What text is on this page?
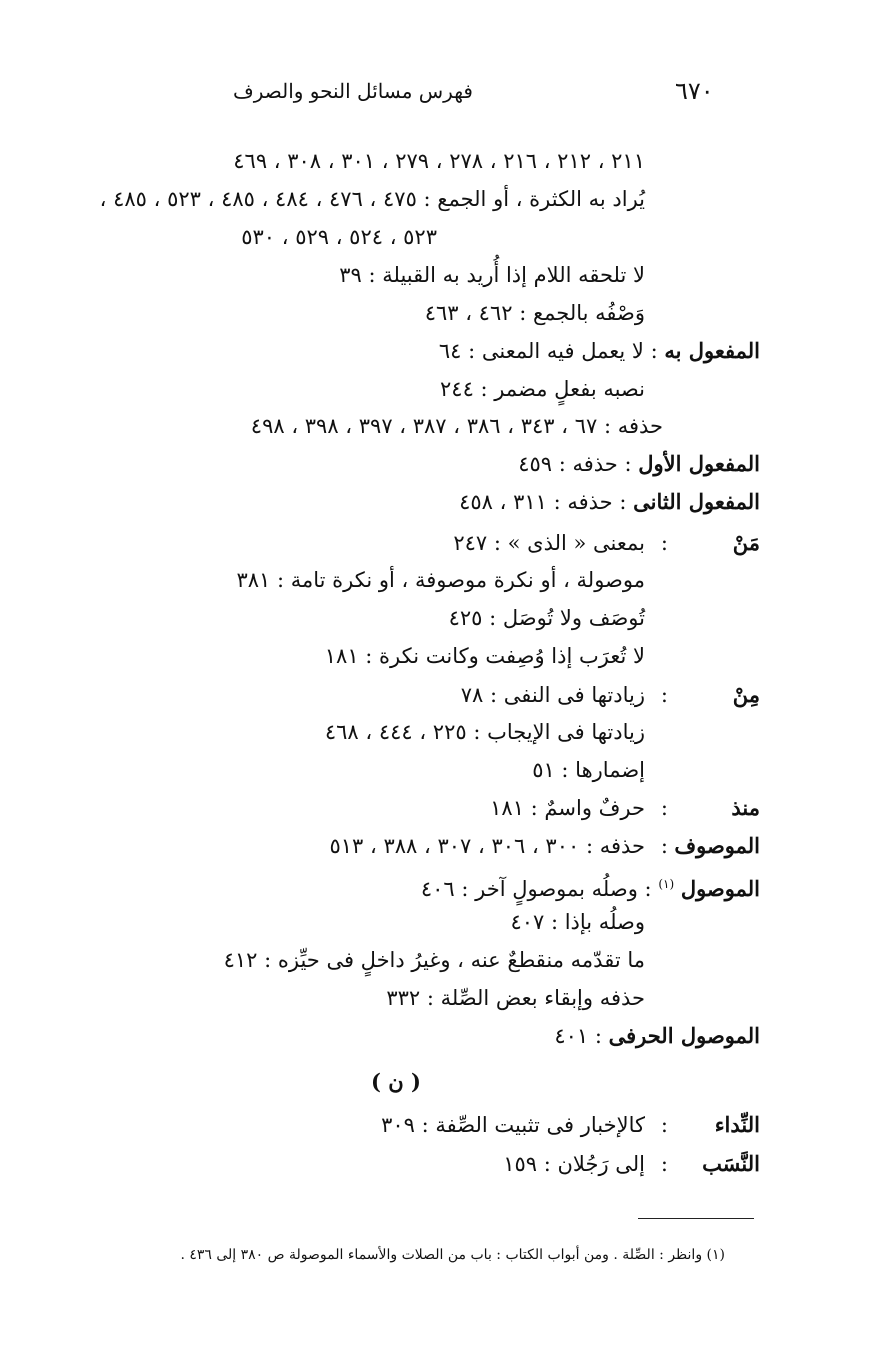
٦٧٠
فهرس مسائل النحو والصرف
٢١١ ، ٢١٢ ، ٢١٦ ، ٢٧٨ ، ٢٧٩ ، ٣٠١ ، ٣٠٨ ، ٤٦٩
يُراد به الكثرة ، أو الجمع : ٤٧٥ ، ٤٧٦ ، ٤٨٤ ، ٤٨٥ ، ٥٢٣ ، ٤٨٥ ،
٥٢٣ ، ٥٢٤ ، ٥٢٩ ، ٥٣٠
لا تلحقه اللام إذا أُريد به القبيلة : ٣٩
وَصْفُه بالجمع : ٤٦٢ ، ٤٦٣
المفعول به : لا يعمل فيه المعنى : ٦٤
نصبه بفعلٍ مضمر : ٢٤٤
حذفه : ٦٧ ، ٣٤٣ ، ٣٨٦ ، ٣٨٧ ، ٣٩٧ ، ٣٩٨ ، ٤٩٨
المفعول الأول : حذفه : ٤٥٩
المفعول الثانى : حذفه : ٣١١ ، ٤٥٨
مَنْ
:
بمعنى « الذى » : ٢٤٧
موصولة ، أو نكرة موصوفة ، أو نكرة تامة : ٣٨١
تُوصَف ولا تُوصَل : ٤٢٥
لا تُعرَب إذا وُصِفت وكانت نكرة : ١٨١
مِنْ
:
زيادتها فى النفى : ٧٨
زيادتها فى الإيجاب : ٢٢٥ ، ٤٤٤ ، ٤٦٨
إضمارها : ٥١
منذ
:
حرفٌ واسمٌ : ١٨١
الموصوف
:
حذفه : ٣٠٠ ، ٣٠٦ ، ٣٠٧ ، ٣٨٨ ، ٥١٣
الموصول $^{(١)}$ : وصلُه بموصولٍ آخر : ٤٠٦
وصلُه بإذا : ٤٠٧
ما تقدّمه منقطعٌ عنه ، وغيرُ داخلٍ فى حيِّزه : ٤١٢
حذفه وإبقاء بعض الصِّلة : ٣٣٢
الموصول الحرفى : ٤٠١
( ن )
النِّداء
:
كالإخبار فى تثبيت الصِّفة : ٣٠٩
النَّسَب
:
إلى رَجُلان : ١٥٩
(١) وانظر : الصِّلة . ومن أبواب الكتاب : باب من الصلات والأسماء الموصولة ص ٣٨٠ إلى ٤٣٦ .
